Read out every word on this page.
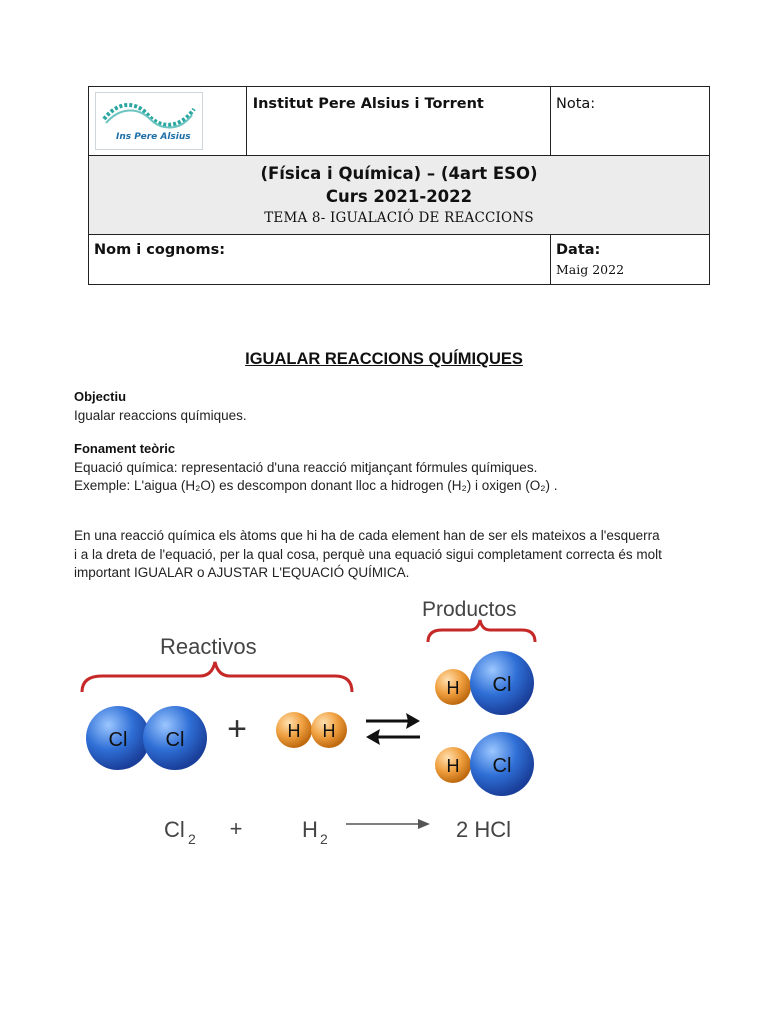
Ins Pere Alsius	Institut Pere Alsius i Torrent	Nota:

(Física i Química) – (4art ESO)
Curs 2021-2022
TEMA 8- IGUALACIÓ DE REACCIONS		

Nom i cognoms:		Data:
Maig 2022
IGUALAR REACCIONS QUÍMIQUES
Objectiu
Igualar reaccions químiques.
Fonament teòric
Equació química: representació d'una reacció mitjançant fórmules químiques.
Exemple: L'aigua (H₂O) es descompon donant lloc a hidrogen (H₂) i oxigen (O₂) .
En una reacció química els àtoms que hi ha de cada element han de ser els mateixos a l'esquerra
i a la dreta de l'equació, per la qual cosa, perquè una equació sigui completament correcta és molt
important IGUALAR o AJUSTAR L'EQUACIÓ QUÍMICA.
Reactivos
Productos
Cl Cl + H H
H Cl
H Cl
Cl 2 +	H 2	2 HCl
